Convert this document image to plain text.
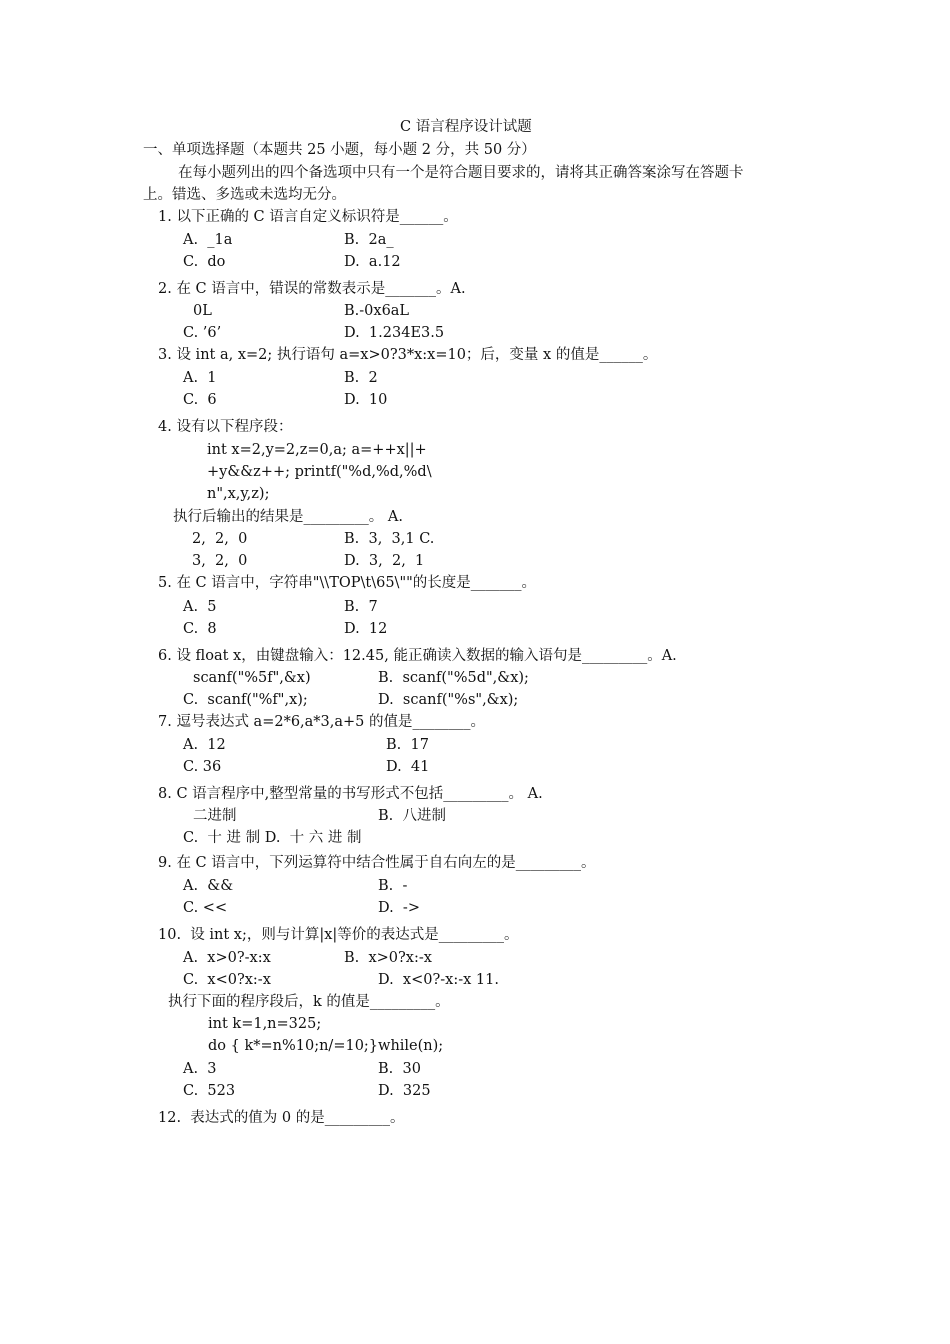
C 语言程序设计试题
一、单项选择题（本题共 25 小题，每小题 2 分，共 50 分）
在每小题列出的四个备选项中只有一个是符合题目要求的，请将其正确答案涂写在答题卡
上。错选、多选或未选均无分。
1. 以下正确的 C 语言自定义标识符是______。
A.  _1a	B.  2a_
C.  do	D.  a.12
2. 在 C 语言中，错误的常数表示是_______。A.
0L	B.-0x6aL
C. ’6’	D.  1.234E3.5
3. 设 int a, x=2; 执行语句 a=x>0?3*x:x=10；后，变量 x 的值是______。
A.  1	B.  2
C.  6	D.  10
4. 设有以下程序段：
int x=2,y=2,z=0,a; a=++x||+
+y&&z++; printf("%d,%d,%d\
n",x,y,z);
执行后输出的结果是_________。 A.
2,  2,  0	B.  3,  3,1 C.
3,  2,  0	D.  3,  2,  1
5. 在 C 语言中，字符串"\\TOP\t\65\""的长度是_______。
A.  5	B.  7
C.  8	D.  12
6. 设 float x，由键盘输入：12.45, 能正确读入数据的输入语句是_________。A.
scanf("%5f",&x)	B.  scanf("%5d",&x);
C.  scanf("%f",x);	D.  scanf("%s",&x);
7. 逗号表达式 a=2*6,a*3,a+5 的值是________。
A.  12	B.  17
C. 36	D.  41
8. C 语言程序中,整型常量的书写形式不包括_________。 A.
二进制	B.  八进制
C.  十 进 制 D.  十 六 进 制
9. 在 C 语言中，下列运算符中结合性属于自右向左的是_________。
A.  &&	B.  -
C. <<	D.  ->
10.  设 int x;，则与计算|x|等价的表达式是_________。
A.  x>0?-x:x	B.  x>0?x:-x
C.  x<0?x:-x	D.  x<0?-x:-x 11.
执行下面的程序段后，k 的值是_________。
int k=1,n=325;
do { k*=n%10;n/=10;}while(n);
A.  3	B.  30
C.  523	D.  325
12.  表达式的值为 0 的是_________。
